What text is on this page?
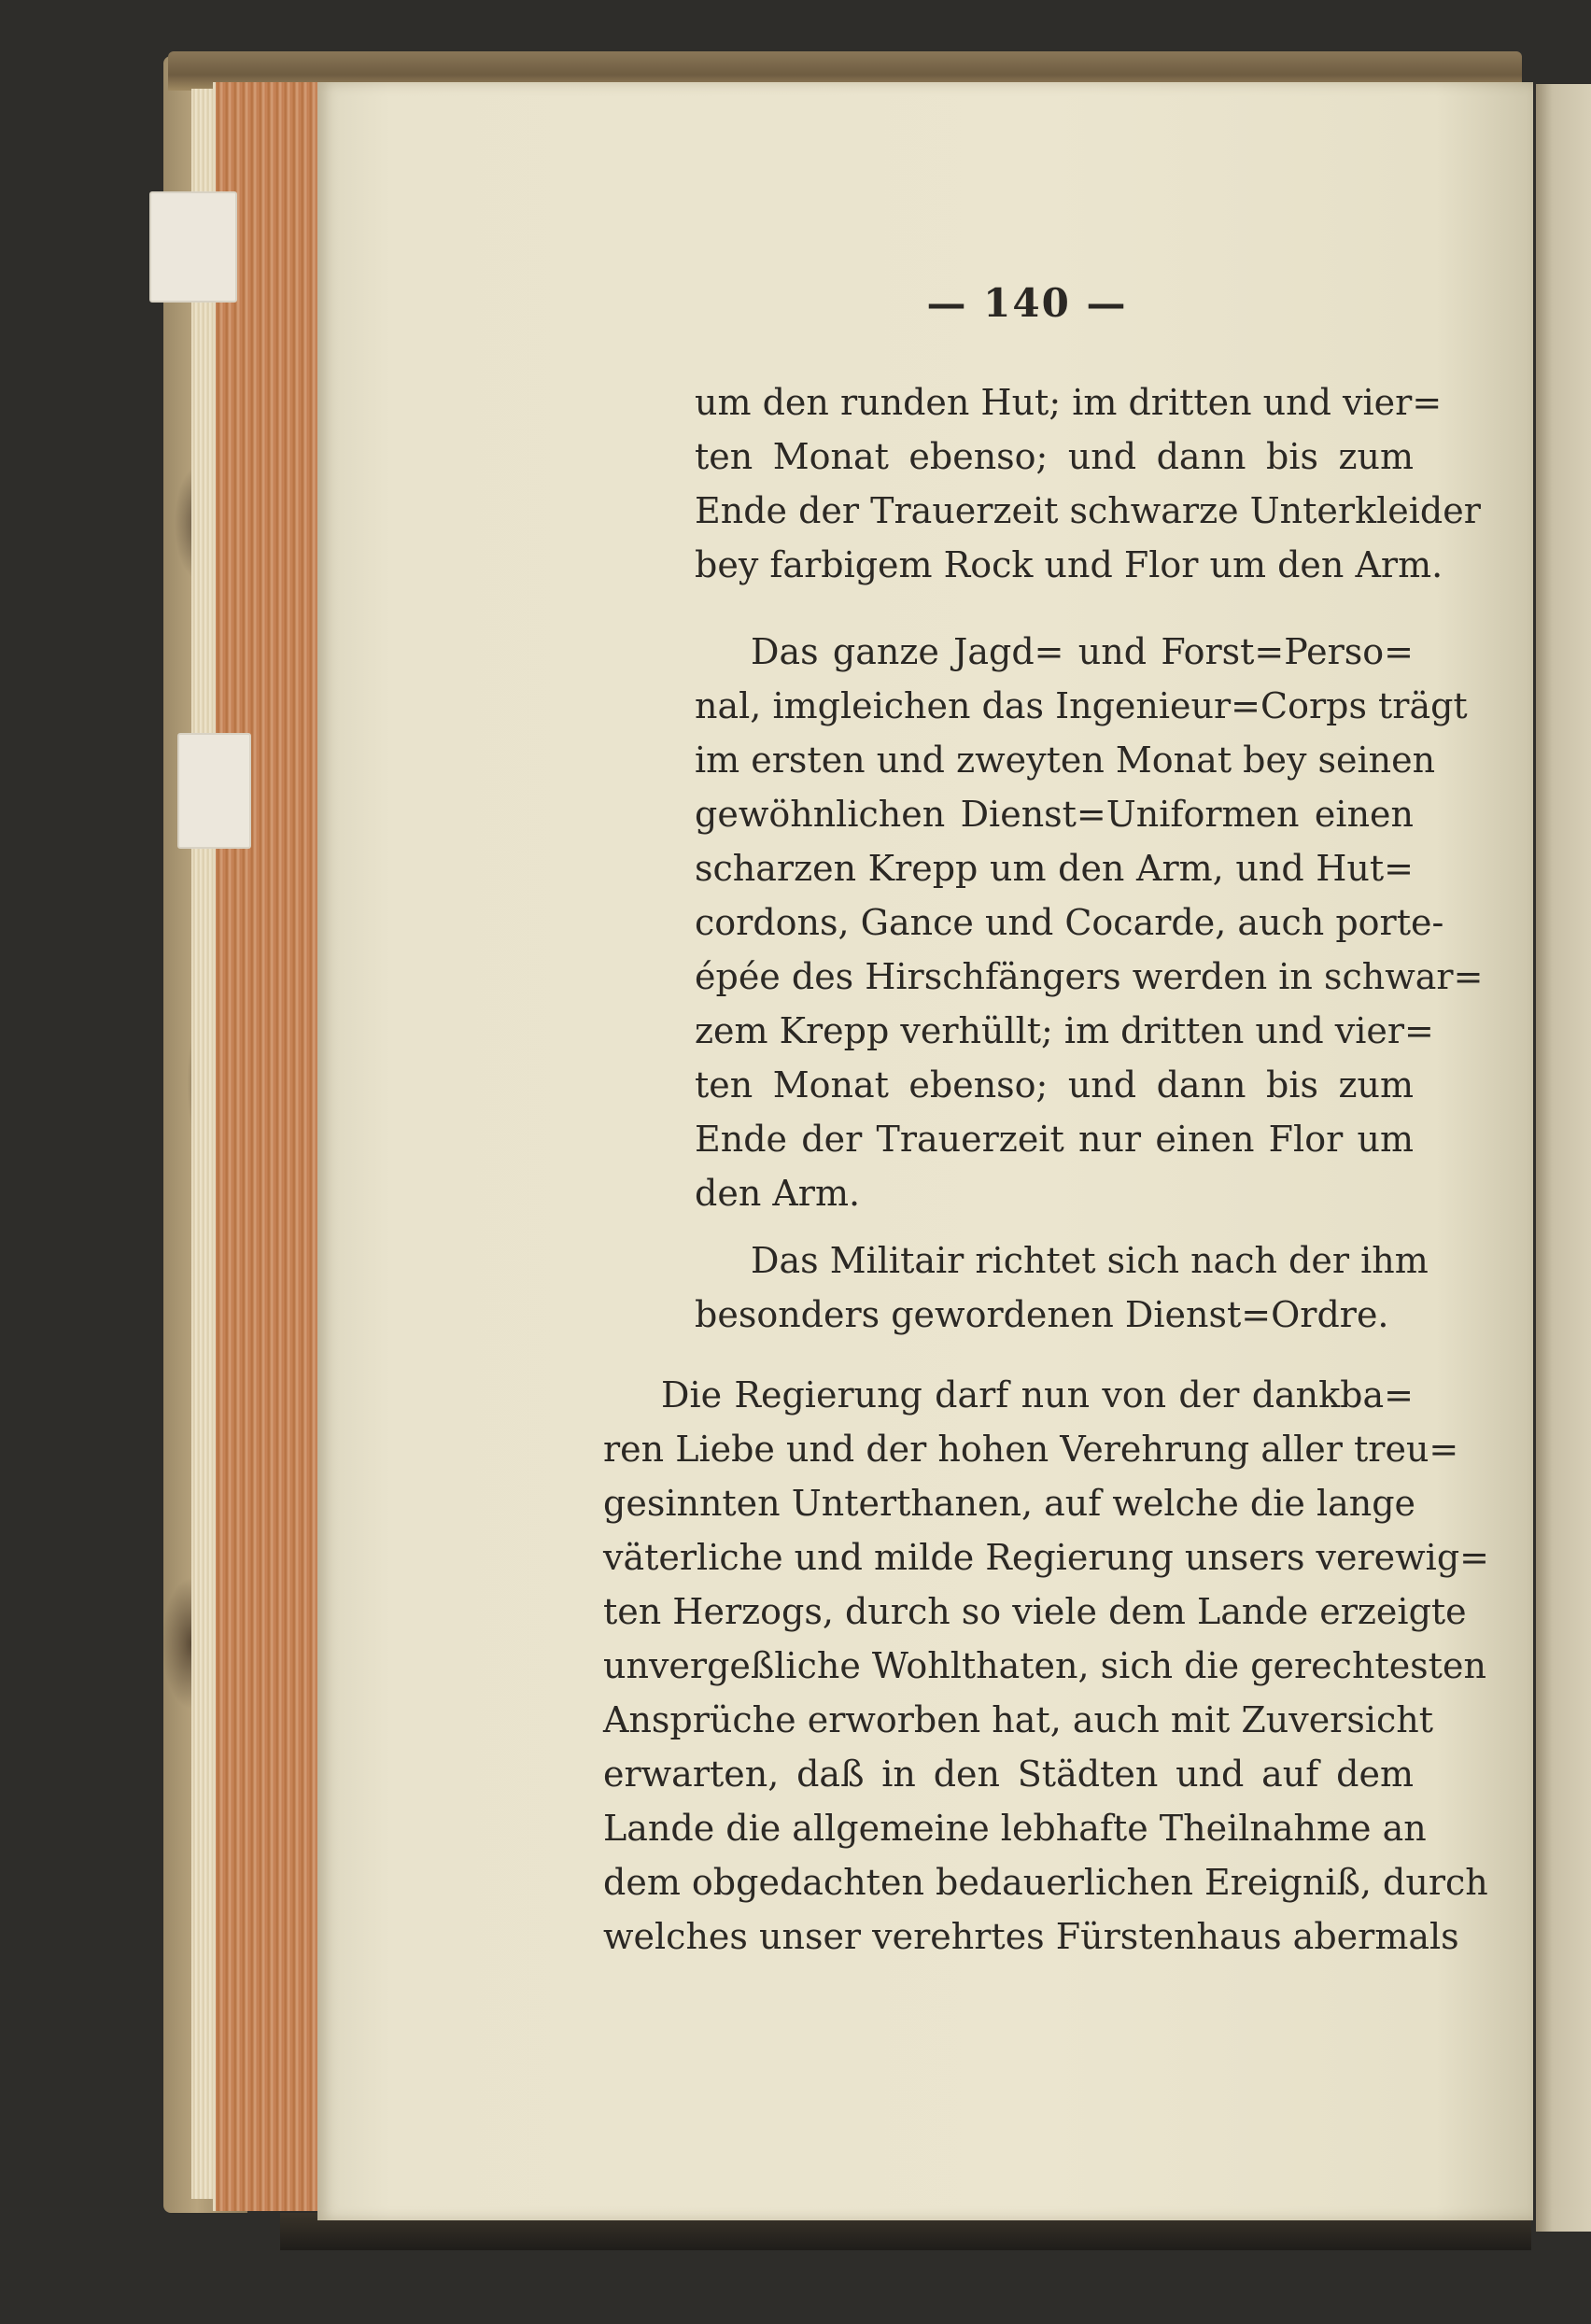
— 140 —
um den runden Hut; im dritten und vier=
ten Monat ebenso; und dann bis zum
Ende der Trauerzeit schwarze Unterkleider
bey farbigem Rock und Flor um den Arm.
Das ganze Jagd= und Forst=Perso=
nal, imgleichen das Ingenieur=Corps trägt
im ersten und zweyten Monat bey seinen
gewöhnlichen Dienst=Uniformen einen
scharzen Krepp um den Arm, und Hut=
cordons, Gance und Cocarde, auch porte-
épée des Hirschfängers werden in schwar=
zem Krepp verhüllt; im dritten und vier=
ten Monat ebenso; und dann bis zum
Ende der Trauerzeit nur einen Flor um
den Arm.
Das Militair richtet sich nach der ihm
besonders gewordenen Dienst=Ordre.
Die Regierung darf nun von der dankba=
ren Liebe und der hohen Verehrung aller treu=
gesinnten Unterthanen, auf welche die lange
väterliche und milde Regierung unsers verewig=
ten Herzogs, durch so viele dem Lande erzeigte
unvergeßliche Wohlthaten, sich die gerechtesten
Ansprüche erworben hat, auch mit Zuversicht
erwarten, daß in den Städten und auf dem
Lande die allgemeine lebhafte Theilnahme an
dem obgedachten bedauerlichen Ereigniß, durch
welches unser verehrtes Fürstenhaus abermals
